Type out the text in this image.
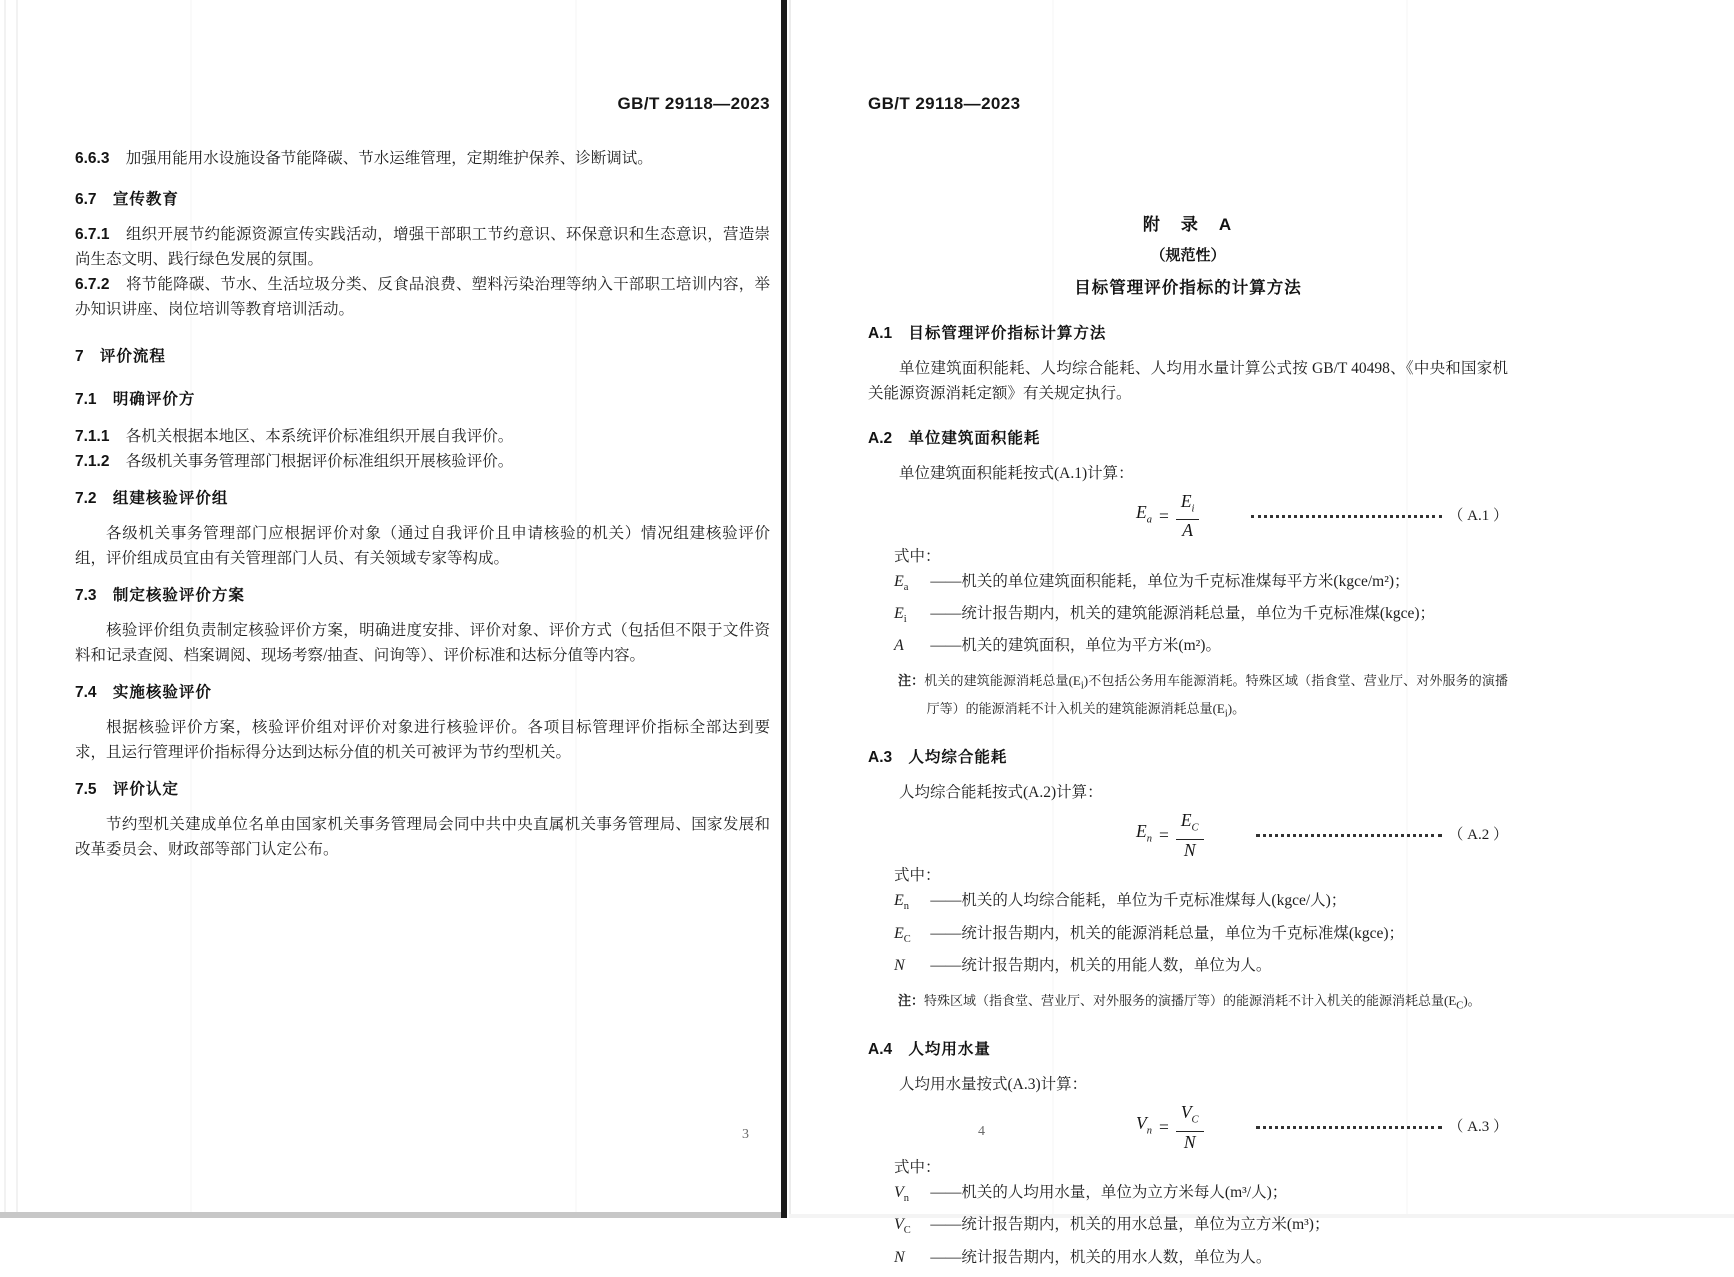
GB/T 29118—2023
6.6.3 加强用能用水设施设备节能降碳、节水运维管理，定期维护保养、诊断调试。
6.7 宣传教育
6.7.1 组织开展节约能源资源宣传实践活动，增强干部职工节约意识、环保意识和生态意识，营造崇尚生态文明、践行绿色发展的氛围。
6.7.2 将节能降碳、节水、生活垃圾分类、反食品浪费、塑料污染治理等纳入干部职工培训内容，举办知识讲座、岗位培训等教育培训活动。
7 评价流程
7.1 明确评价方
7.1.1 各机关根据本地区、本系统评价标准组织开展自我评价。
7.1.2 各级机关事务管理部门根据评价标准组织开展核验评价。
7.2 组建核验评价组
各级机关事务管理部门应根据评价对象（通过自我评价且申请核验的机关）情况组建核验评价组，评价组成员宜由有关管理部门人员、有关领域专家等构成。
7.3 制定核验评价方案
核验评价组负责制定核验评价方案，明确进度安排、评价对象、评价方式（包括但不限于文件资料和记录查阅、档案调阅、现场考察/抽查、问询等）、评价标准和达标分值等内容。
7.4 实施核验评价
根据核验评价方案，核验评价组对评价对象进行核验评价。各项目标管理评价指标全部达到要求，且运行管理评价指标得分达到达标分值的机关可被评为节约型机关。
7.5 评价认定
节约型机关建成单位名单由国家机关事务管理局会同中共中央直属机关事务管理局、国家发展和改革委员会、财政部等部门认定公布。
GB/T 29118—2023
附　录　A
（规范性）
目标管理评价指标的计算方法
A.1 目标管理评价指标计算方法
单位建筑面积能耗、人均综合能耗、人均用水量计算公式按 GB/T 40498、《中央和国家机关能源资源消耗定额》有关规定执行。
A.2 单位建筑面积能耗
单位建筑面积能耗按式(A.1)计算：
$E_a = \frac{E_i}{A}$	（ A.1 ）
式中：
$E_a$	——机关的单位建筑面积能耗，单位为千克标准煤每平方米(kgce/m²)；
$E_i$	——统计报告期内，机关的建筑能源消耗总量，单位为千克标准煤(kgce)；
A	——机关的建筑面积，单位为平方米(m²)。
注：机关的建筑能源消耗总量$(E_i)$不包括公务用车能源消耗。特殊区域（指食堂、营业厅、对外服务的演播厅等）的能源消耗不计入机关的建筑能源消耗总量$(E_i)$。
A.3 人均综合能耗
人均综合能耗按式(A.2)计算：
$E_n = \frac{E_C}{N}$	（ A.2 ）
式中：
$E_n$	——机关的人均综合能耗，单位为千克标准煤每人(kgce/人)；
$E_C$	——统计报告期内，机关的能源消耗总量，单位为千克标准煤(kgce)；
N	——统计报告期内，机关的用能人数，单位为人。
注：特殊区域（指食堂、营业厅、对外服务的演播厅等）的能源消耗不计入机关的能源消耗总量$(E_C)$。
A.4 人均用水量
人均用水量按式(A.3)计算：
$V_n = \frac{V_C}{N}$	（ A.3 ）
式中：
$V_n$	——机关的人均用水量，单位为立方米每人(m³/人)；
$V_C$	——统计报告期内，机关的用水总量，单位为立方米(m³)；
N	——统计报告期内，机关的用水人数，单位为人。
3	4
